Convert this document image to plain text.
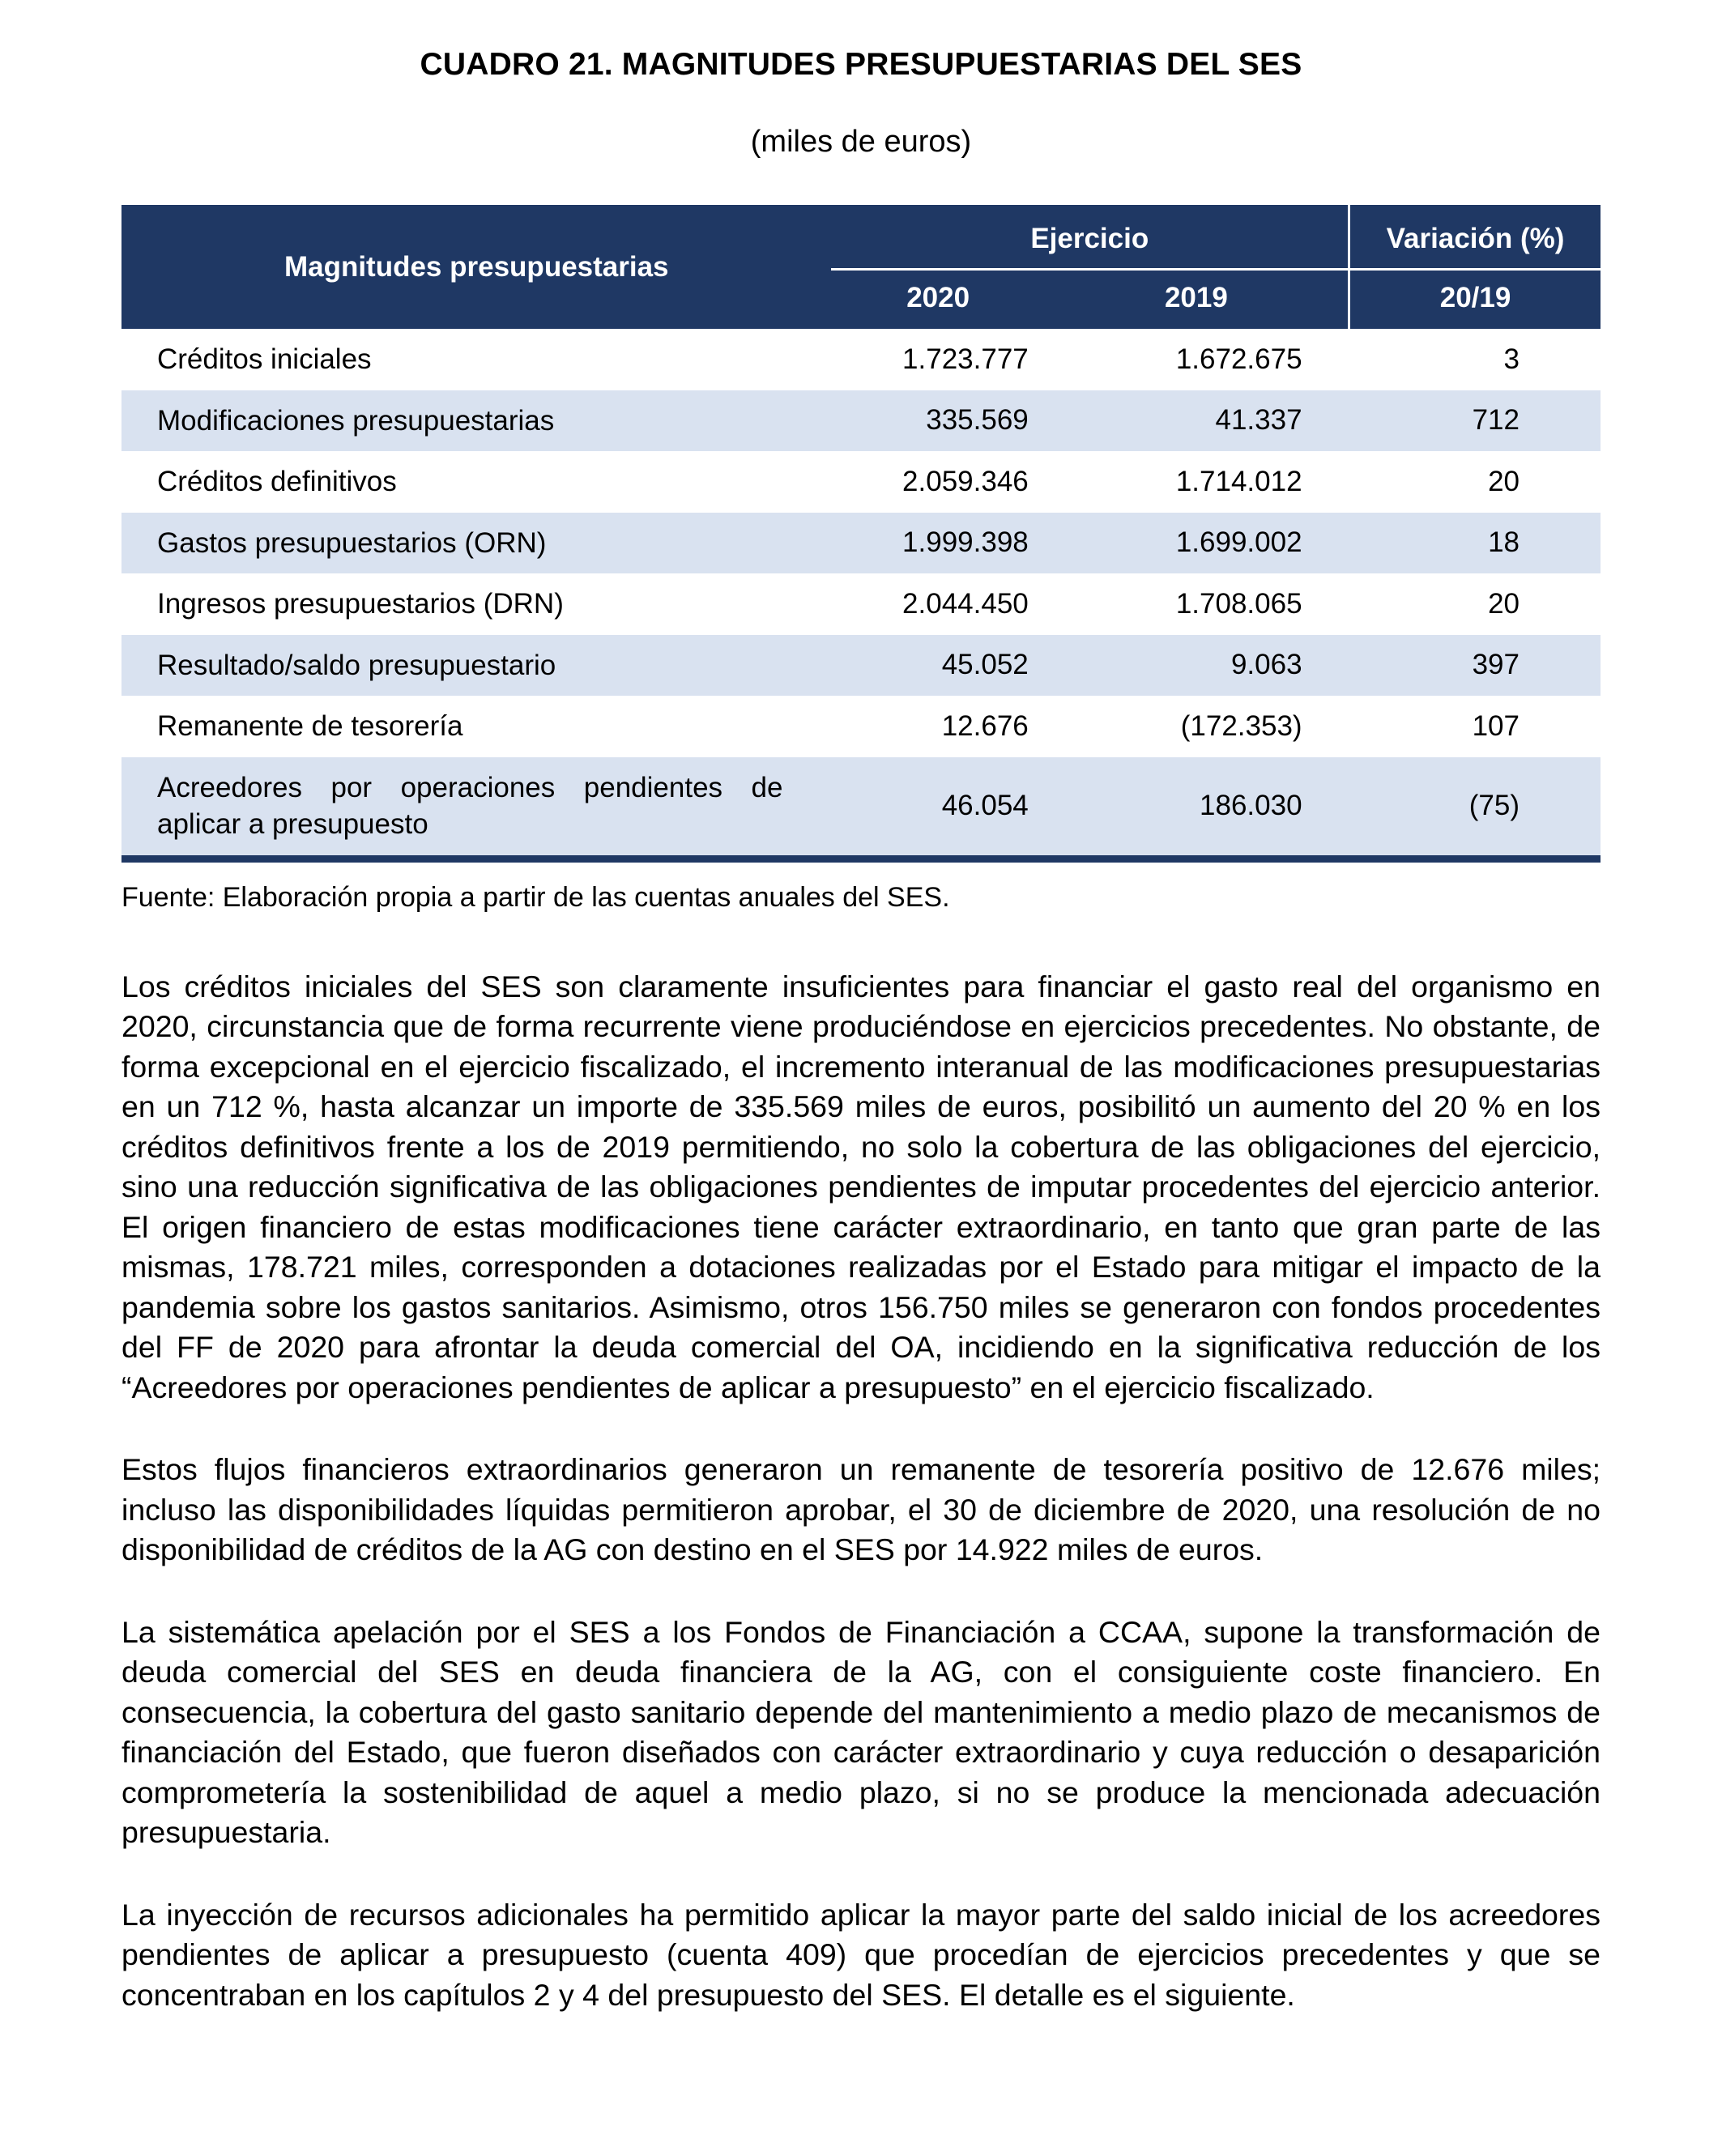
CUADRO 21. MAGNITUDES PRESUPUESTARIAS DEL SES
(miles de euros)
Magnitudes presupuestarias	Ejercicio		Variación (%)
	2020	2019	20/19
Créditos iniciales	1.723.777	1.672.675	3
Modificaciones presupuestarias	335.569	41.337	712
Créditos definitivos	2.059.346	1.714.012	20
Gastos presupuestarios (ORN)	1.999.398	1.699.002	18
Ingresos presupuestarios (DRN)	2.044.450	1.708.065	20
Resultado/saldo presupuestario	45.052	9.063	397
Remanente de tesorería	12.676	(172.353)	107
Acreedores por operaciones pendientes de aplicar a presupuesto	46.054	186.030	(75)
Fuente: Elaboración propia a partir de las cuentas anuales del SES.

Los créditos iniciales del SES son claramente insuficientes para financiar el gasto real del organismo en 2020, circunstancia que de forma recurrente viene produciéndose en ejercicios precedentes. No obstante, de forma excepcional en el ejercicio fiscalizado, el incremento interanual de las modificaciones presupuestarias en un 712 %, hasta alcanzar un importe de 335.569 miles de euros, posibilitó un aumento del 20 % en los créditos definitivos frente a los de 2019 permitiendo, no solo la cobertura de las obligaciones del ejercicio, sino una reducción significativa de las obligaciones pendientes de imputar procedentes del ejercicio anterior. El origen financiero de estas modificaciones tiene carácter extraordinario, en tanto que gran parte de las mismas, 178.721 miles, corresponden a dotaciones realizadas por el Estado para mitigar el impacto de la pandemia sobre los gastos sanitarios. Asimismo, otros 156.750 miles se generaron con fondos procedentes del FF de 2020 para afrontar la deuda comercial del OA, incidiendo en la significativa reducción de los “Acreedores por operaciones pendientes de aplicar a presupuesto” en el ejercicio fiscalizado.

Estos flujos financieros extraordinarios generaron un remanente de tesorería positivo de 12.676 miles; incluso las disponibilidades líquidas permitieron aprobar, el 30 de diciembre de 2020, una resolución de no disponibilidad de créditos de la AG con destino en el SES por 14.922 miles de euros.

La sistemática apelación por el SES a los Fondos de Financiación a CCAA, supone la transformación de deuda comercial del SES en deuda financiera de la AG, con el consiguiente coste financiero. En consecuencia, la cobertura del gasto sanitario depende del mantenimiento a medio plazo de mecanismos de financiación del Estado, que fueron diseñados con carácter extraordinario y cuya reducción o desaparición comprometería la sostenibilidad de aquel a medio plazo, si no se produce la mencionada adecuación presupuestaria.

La inyección de recursos adicionales ha permitido aplicar la mayor parte del saldo inicial de los acreedores pendientes de aplicar a presupuesto (cuenta 409) que procedían de ejercicios precedentes y que se concentraban en los capítulos 2 y 4 del presupuesto del SES. El detalle es el siguiente.
